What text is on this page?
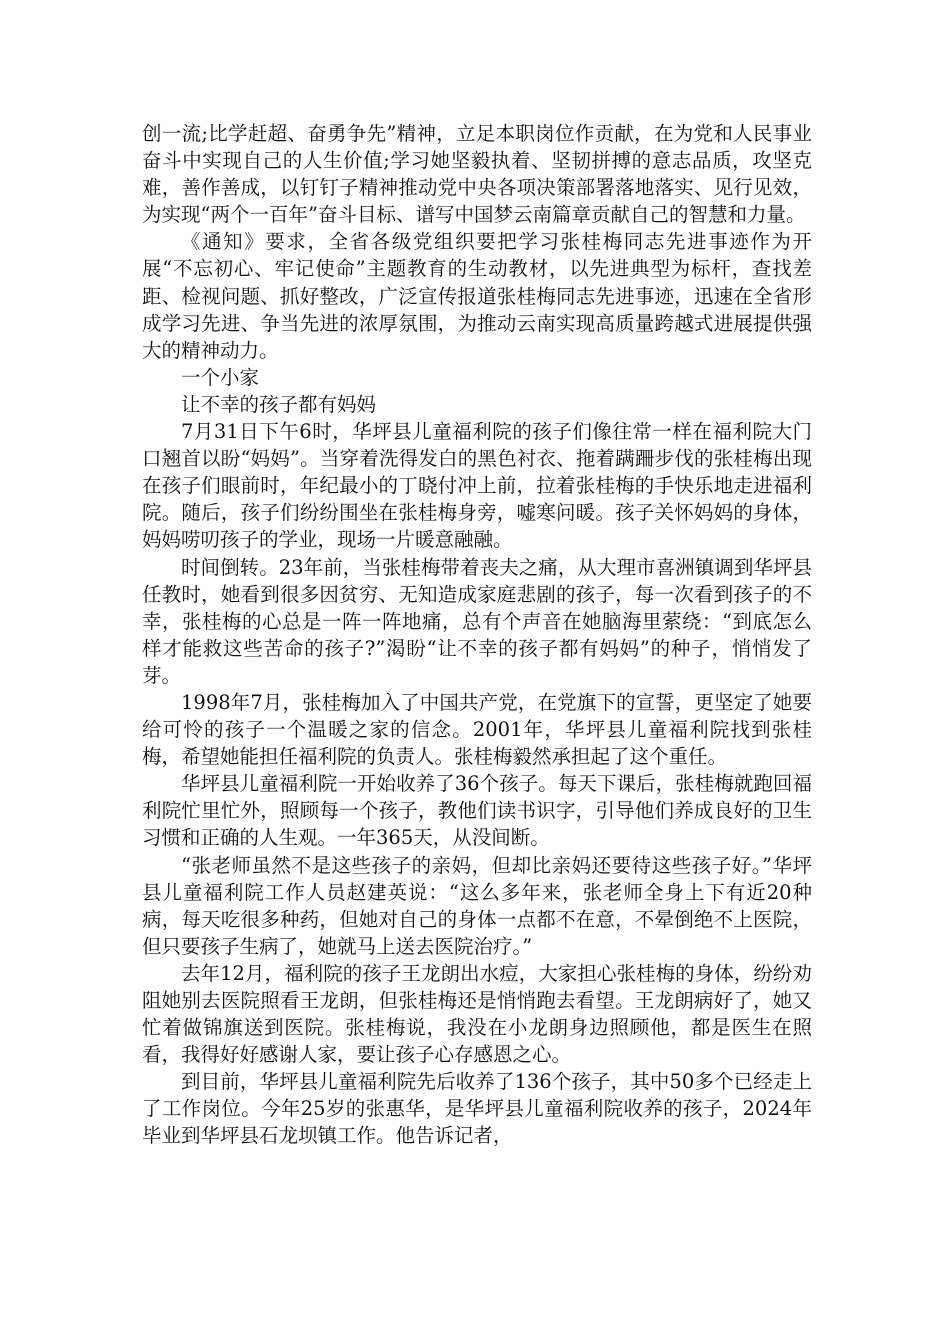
创一流;比学赶超、奋勇争先”精神，立足本职岗位作贡献，在为党和人民事业奋斗中实现自己的人生价值;学习她坚毅执着、坚韧拼搏的意志品质，攻坚克难，善作善成，以钉钉子精神推动党中央各项决策部署落地落实、见行见效，为实现“两个一百年”奋斗目标、谱写中国梦云南篇章贡献自己的智慧和力量。

《通知》要求，全省各级党组织要把学习张桂梅同志先进事迹作为开展“不忘初心、牢记使命”主题教育的生动教材，以先进典型为标杆，查找差距、检视问题、抓好整改，广泛宣传报道张桂梅同志先进事迹，迅速在全省形成学习先进、争当先进的浓厚氛围，为推动云南实现高质量跨越式进展提供强大的精神动力。

一个小家

让不幸的孩子都有妈妈

7月31日下午6时，华坪县儿童福利院的孩子们像往常一样在福利院大门口翘首以盼“妈妈”。当穿着洗得发白的黑色衬衣、拖着蹒跚步伐的张桂梅出现在孩子们眼前时，年纪最小的丁晓付冲上前，拉着张桂梅的手快乐地走进福利院。随后，孩子们纷纷围坐在张桂梅身旁，嘘寒问暖。孩子关怀妈妈的身体，妈妈唠叨孩子的学业，现场一片暖意融融。

时间倒转。23年前，当张桂梅带着丧夫之痛，从大理市喜洲镇调到华坪县任教时，她看到很多因贫穷、无知造成家庭悲剧的孩子，每一次看到孩子的不幸，张桂梅的心总是一阵一阵地痛，总有个声音在她脑海里萦绕：“到底怎么样才能救这些苦命的孩子?”渴盼“让不幸的孩子都有妈妈”的种子，悄悄发了芽。

1998年7月，张桂梅加入了中国共产党，在党旗下的宣誓，更坚定了她要给可怜的孩子一个温暖之家的信念。2001年，华坪县儿童福利院找到张桂梅，希望她能担任福利院的负责人。张桂梅毅然承担起了这个重任。

华坪县儿童福利院一开始收养了36个孩子。每天下课后，张桂梅就跑回福利院忙里忙外，照顾每一个孩子，教他们读书识字，引导他们养成良好的卫生习惯和正确的人生观。一年365天，从没间断。

“张老师虽然不是这些孩子的亲妈，但却比亲妈还要待这些孩子好。”华坪县儿童福利院工作人员赵建英说：“这么多年来，张老师全身上下有近20种病，每天吃很多种药，但她对自己的身体一点都不在意，不晕倒绝不上医院，但只要孩子生病了，她就马上送去医院治疗。”

去年12月，福利院的孩子王龙朗出水痘，大家担心张桂梅的身体，纷纷劝阻她别去医院照看王龙朗，但张桂梅还是悄悄跑去看望。王龙朗病好了，她又忙着做锦旗送到医院。张桂梅说，我没在小龙朗身边照顾他，都是医生在照看，我得好好感谢人家，要让孩子心存感恩之心。

到目前，华坪县儿童福利院先后收养了136个孩子，其中50多个已经走上了工作岗位。今年25岁的张惠华，是华坪县儿童福利院收养的孩子，2024年毕业到华坪县石龙坝镇工作。他告诉记者，
